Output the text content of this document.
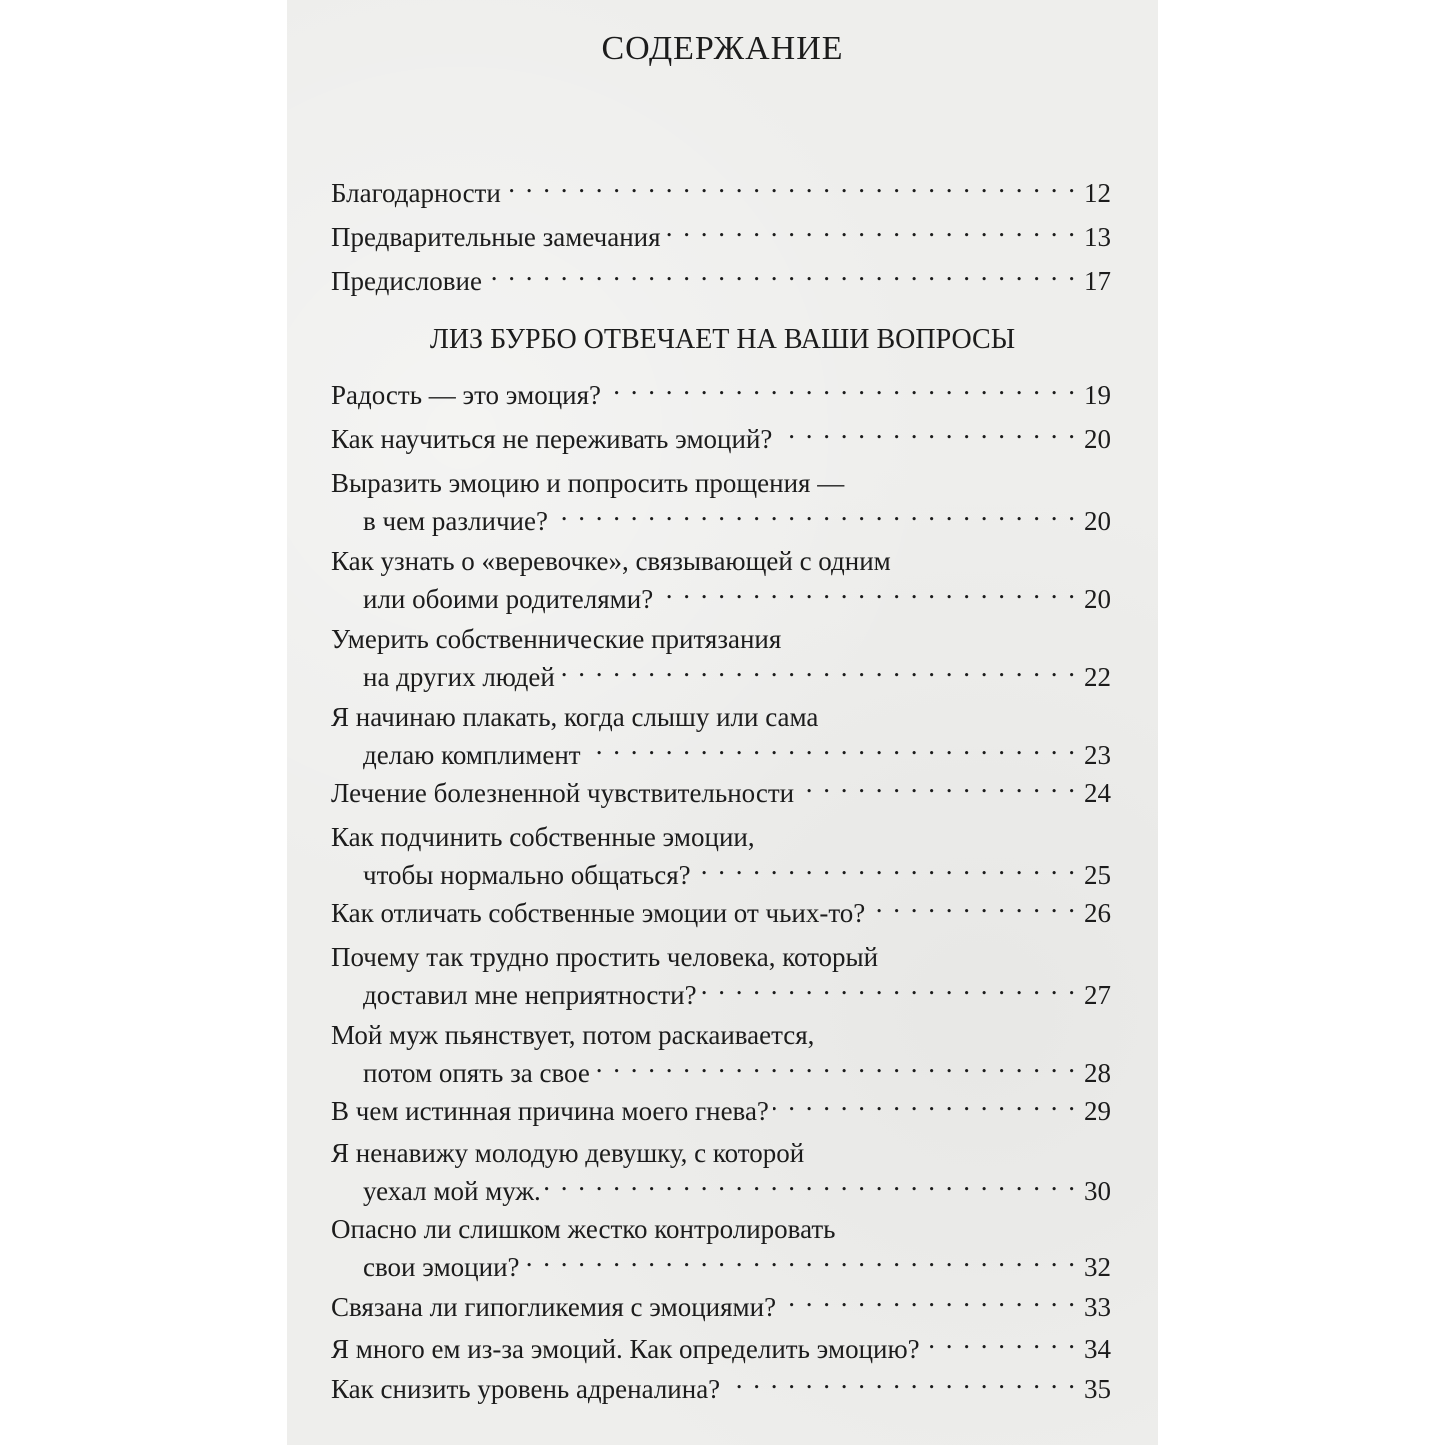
СОДЕРЖАНИЕ
Благодарности . . .	12
Предварительные замечания . . .	13
Предисловие . . .	17
ЛИЗ БУРБО ОТВЕЧАЕТ НА ВАШИ ВОПРОСЫ
Радость — это эмоция? . . .	19
Как научиться не переживать эмоций? . . .	20
Выразить эмоцию и попросить прощения —
в чем различие? . . .	20
Как узнать о «веревочке», связывающей с одним
или обоими родителями? . . .	20
Умерить собственнические притязания
на других людей . . .	22
Я начинаю плакать, когда слышу или сама
делаю комплимент . . .	23
Лечение болезненной чувствительности . . .	24
Как подчинить собственные эмоции,
чтобы нормально общаться? . . .	25
Как отличать собственные эмоции от чьих-то? . . .	26
Почему так трудно простить человека, который
доставил мне неприятности? . . .	27
Мой муж пьянствует, потом раскаивается,
потом опять за свое . . .	28
В чем истинная причина моего гнева? . . .	29
Я ненавижу молодую девушку, с которой
уехал мой муж. . . .	30
Опасно ли слишком жестко контролировать
свои эмоции? . . .	32
Связана ли гипогликемия с эмоциями? . . .	33
Я много ем из-за эмоций. Как определить эмоцию? . . .	34
Как снизить уровень адреналина? . . .	35
